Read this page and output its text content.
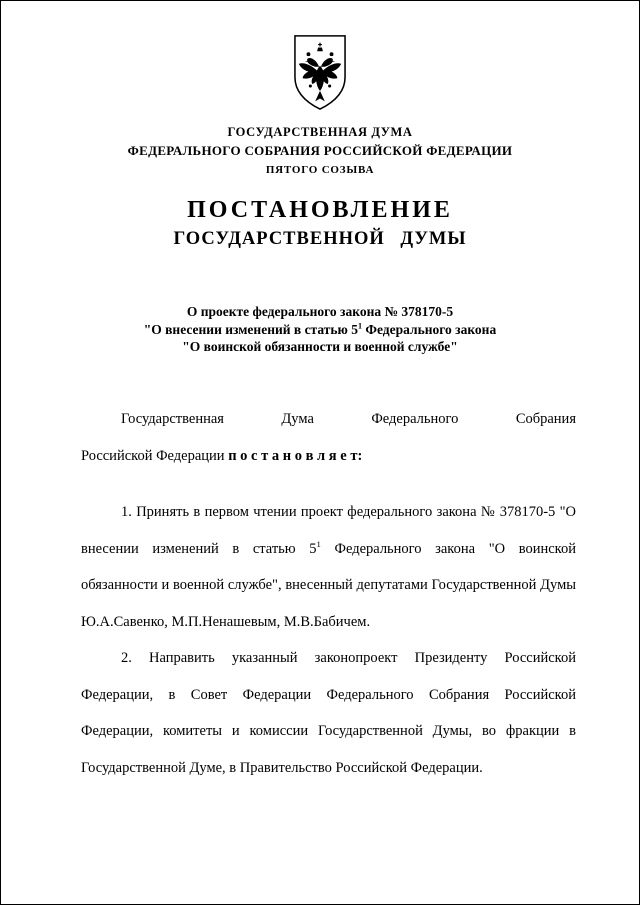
ГОСУДАРСТВЕННАЯ ДУМА
ФЕДЕРАЛЬНОГО СОБРАНИЯ РОССИЙСКОЙ ФЕДЕРАЦИИ
ПЯТОГО СОЗЫВА
ПОСТАНОВЛЕНИЕ
ГОСУДАРСТВЕННОЙ ДУМЫ
О проекте федерального закона № 378170-5
"О внесении изменений в статью $5^1$ Федерального закона
"О воинской обязанности и военной службе"
Государственная Дума Федерального Собрания
Российской Федерации п о с т а н о в л я е т:

1. Принять в первом чтении проект федерального закона № 378170-5 "О внесении изменений в статью $5^1$ Федерального закона "О воинской обязанности и военной службе", внесенный депутатами Государственной Думы Ю.А.Савенко, М.П.Ненашевым, М.В.Бабичем.

2. Направить указанный законопроект Президенту Российской Федерации, в Совет Федерации Федерального Собрания Российской Федерации, комитеты и комиссии Государственной Думы, во фракции в Государственной Думе, в Правительство Российской Федерации.
